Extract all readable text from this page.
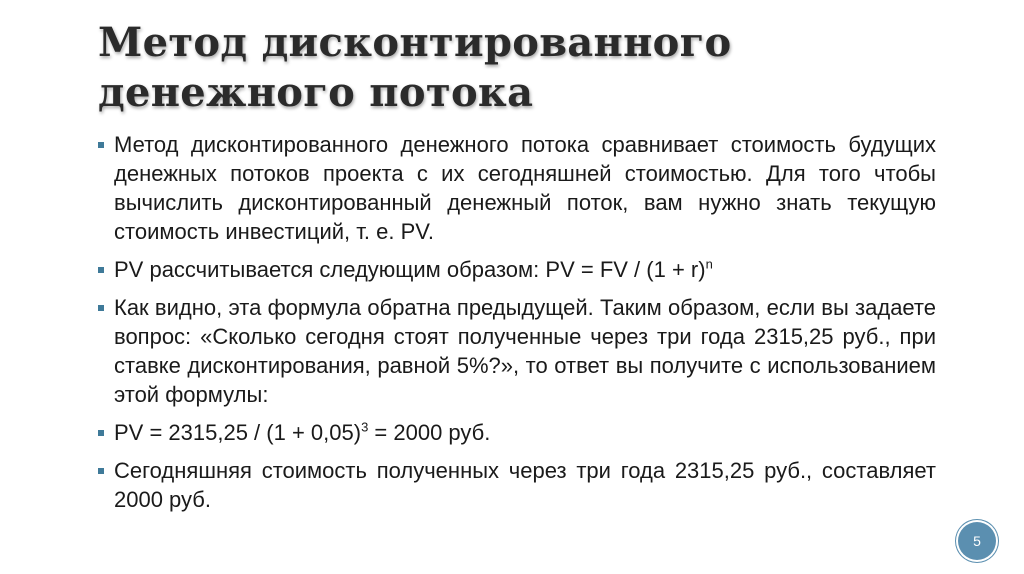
Метод дисконтированного денежного потока
Метод дисконтированного денежного потока сравнивает стоимость будущих денежных потоков проекта с их сегодняшней стоимостью. Для того чтобы вычислить дисконтированный денежный поток, вам нужно знать текущую стоимость инвестиций, т. е. PV.
PV рассчитывается следующим образом: PV = FV / $(1 + r)^n$
Как видно, эта формула обратна предыдущей. Таким образом, если вы задаете вопрос: «Сколько сегодня стоят полученные через три года 2315,25 руб., при ставке дисконтирования, равной 5%?», то ответ вы получите с использованием этой формулы:
PV = $2315,25 / (1 + 0,05)^3 = 2000$ руб.
Сегодняшняя стоимость полученных через три года 2315,25 руб., составляет 2000 руб.
5
